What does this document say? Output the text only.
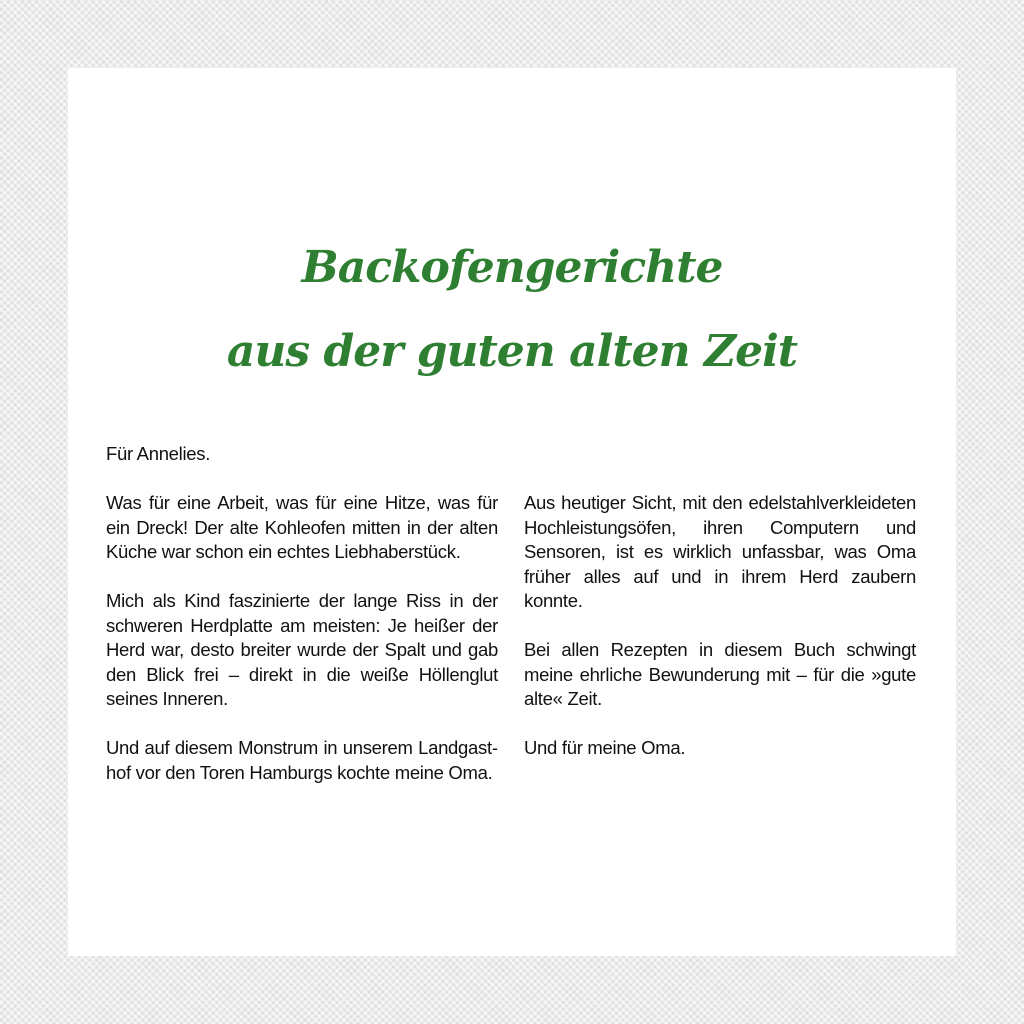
Backofengerichte
aus der guten alten Zeit

Für Annelies.

Was für eine Arbeit, was für eine Hitze, was für ein Dreck! Der alte Kohleofen mitten in der alten Küche war schon ein echtes Liebhaberstück.

Mich als Kind faszinierte der lange Riss in der schweren Herdplatte am meisten: Je heißer der Herd war, desto breiter wurde der Spalt und gab den Blick frei – direkt in die weiße Höllenglut seines Inneren.

Und auf diesem Monstrum in unserem Landgasthof vor den Toren Hamburgs kochte meine Oma.

Aus heutiger Sicht, mit den edelstahlverkleideten Hochleistungsöfen, ihren Computern und Sensoren, ist es wirklich unfassbar, was Oma früher alles auf und in ihrem Herd zaubern konnte.

Bei allen Rezepten in diesem Buch schwingt meine ehrliche Bewunderung mit – für die »gute alte« Zeit.

Und für meine Oma.
